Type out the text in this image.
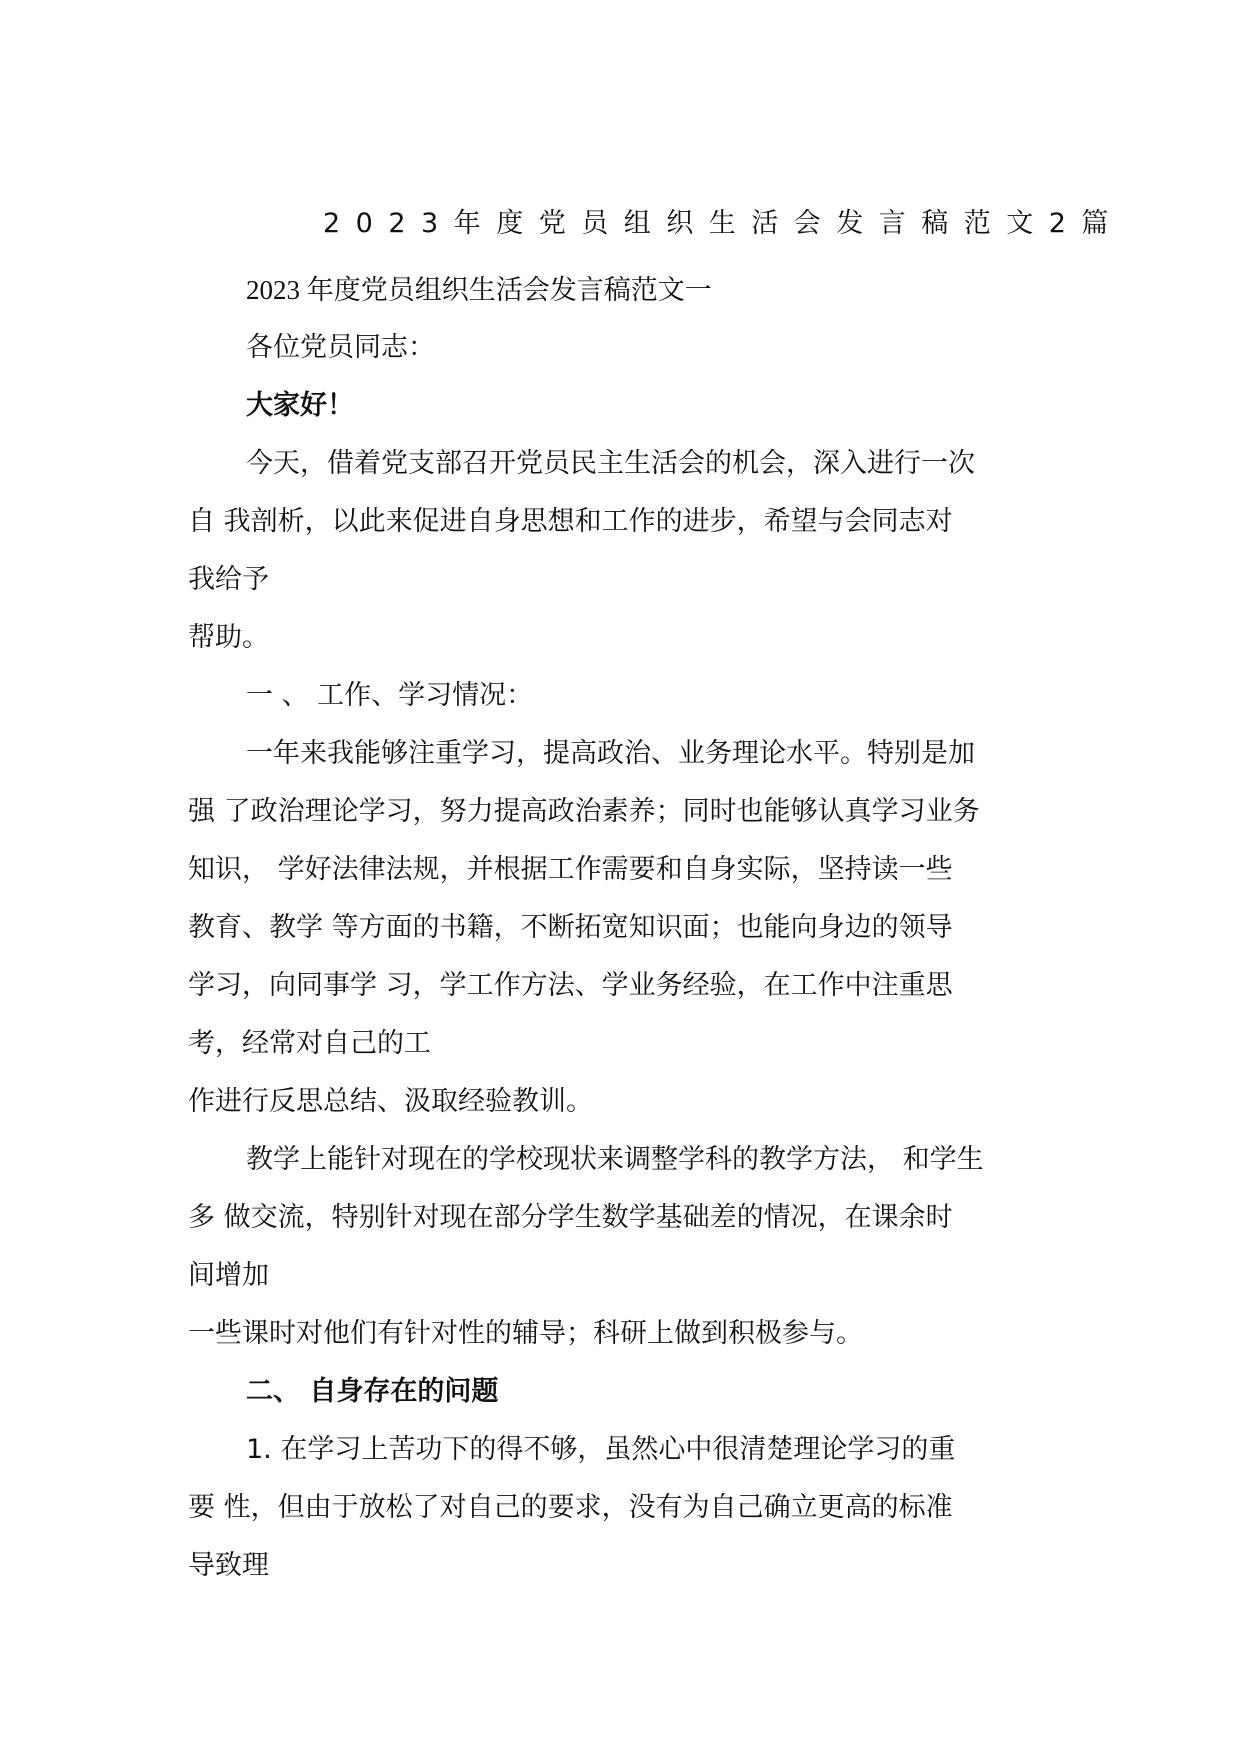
2023年度党员组织生活会发言稿范文2篇
2023 年度党员组织生活会发言稿范文一
各位党员同志：
大家好！
今天，借着党支部召开党员民主生活会的机会，深入进行一次
自 我剖析，以此来促进自身思想和工作的进步，希望与会同志对
我给予
帮助。
一 、 工作、学习情况：
一年来我能够注重学习，提高政治、业务理论水平。特别是加
强 了政治理论学习，努力提高政治素养；同时也能够认真学习业务
知识， 学好法律法规，并根据工作需要和自身实际，坚持读一些
教育、教学 等方面的书籍，不断拓宽知识面；也能向身边的领导
学习，向同事学 习，学工作方法、学业务经验，在工作中注重思
考，经常对自己的工
作进行反思总结、汲取经验教训。
教学上能针对现在的学校现状来调整学科的教学方法， 和学生
多 做交流，特别针对现在部分学生数学基础差的情况，在课余时
间增加
一些课时对他们有针对性的辅导；科研上做到积极参与。
二、 自身存在的问题
1. 在学习上苦功下的得不够，虽然心中很清楚理论学习的重
要 性，但由于放松了对自己的要求，没有为自己确立更高的标准
导致理
